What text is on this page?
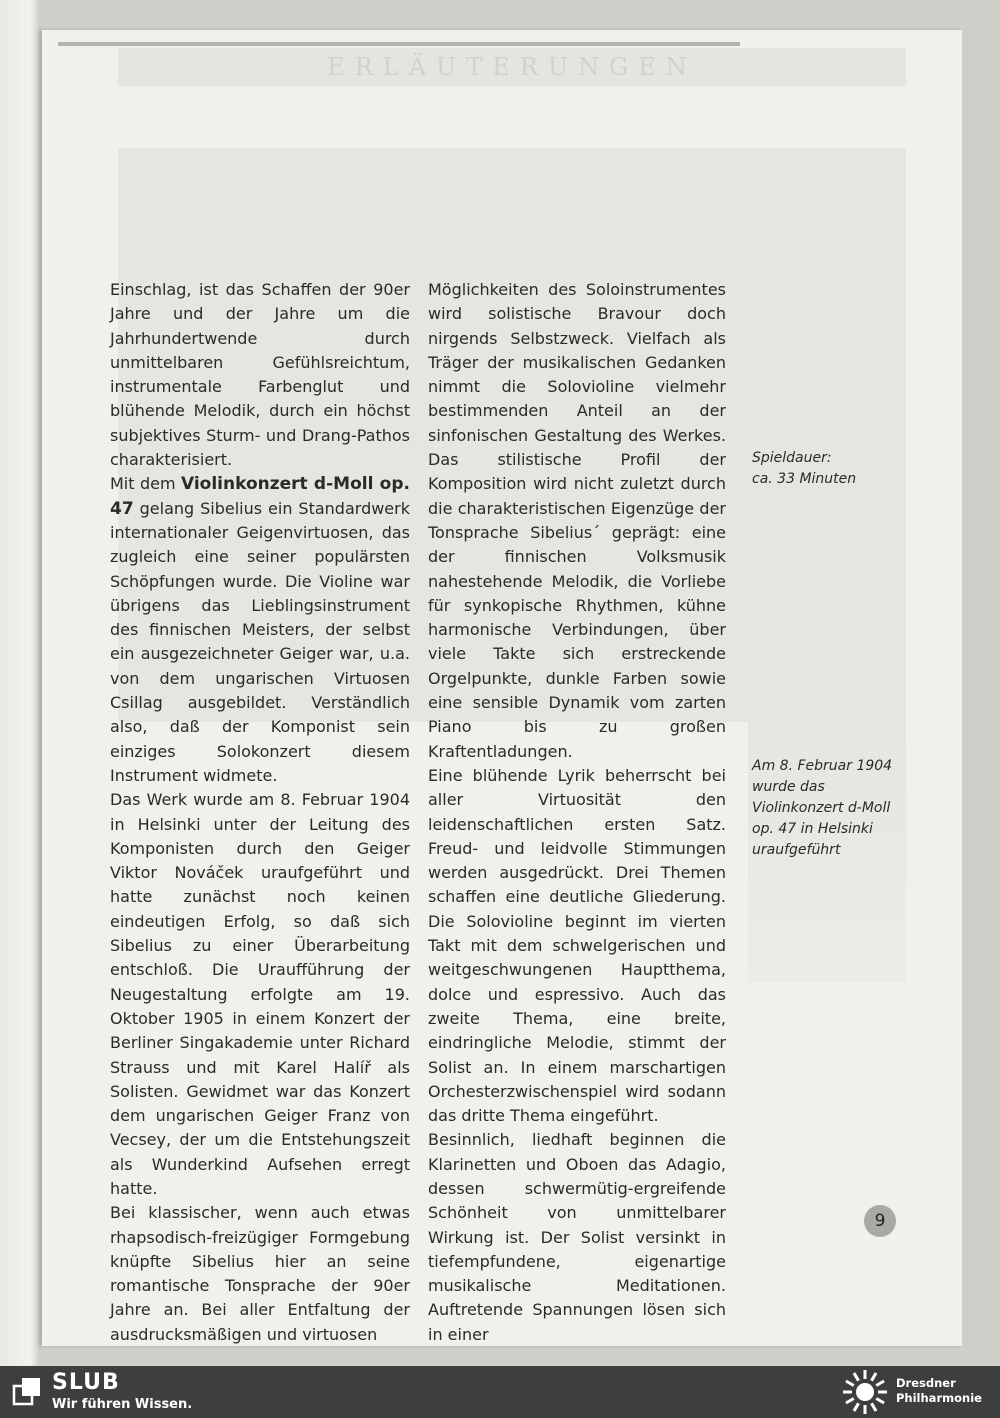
ERLÄUTERUNGEN

Einschlag, ist das Schaffen der 90er Jahre und der Jahre um die Jahrhundertwende durch unmittelbaren Gefühlsreichtum, instrumentale Farbenglut und blühende Melodik, durch ein höchst subjektives Sturm- und Drang-Pathos charakterisiert.

Mit dem Violinkonzert d-Moll op. 47 gelang Sibelius ein Standardwerk internationaler Geigenvirtuosen, das zugleich eine seiner populärsten Schöpfungen wurde. Die Violine war übrigens das Lieblingsinstrument des finnischen Meisters, der selbst ein ausgezeichneter Geiger war, u.a. von dem ungarischen Virtuosen Csillag ausgebildet. Verständlich also, daß der Komponist sein einziges Solokonzert diesem Instrument widmete.

Das Werk wurde am 8. Februar 1904 in Helsinki unter der Leitung des Komponisten durch den Geiger Viktor Nováček uraufgeführt und hatte zunächst noch keinen eindeutigen Erfolg, so daß sich Sibelius zu einer Überarbeitung entschloß. Die Uraufführung der Neugestaltung erfolgte am 19. Oktober 1905 in einem Konzert der Berliner Singakademie unter Richard Strauss und mit Karel Halíř als Solisten. Gewidmet war das Konzert dem ungarischen Geiger Franz von Vecsey, der um die Entstehungszeit als Wunderkind Aufsehen erregt hatte.

Bei klassischer, wenn auch etwas rhapsodisch-freizügiger Formgebung knüpfte Sibelius hier an seine romantische Tonsprache der 90er Jahre an. Bei aller Entfaltung der ausdrucksmäßigen und virtuosen

Möglichkeiten des Soloinstrumentes wird solistische Bravour doch nirgends Selbstzweck. Vielfach als Träger der musikalischen Gedanken nimmt die Solovioline vielmehr bestimmenden Anteil an der sinfonischen Gestaltung des Werkes. Das stilistische Profil der Komposition wird nicht zuletzt durch die charakteristischen Eigenzüge der Tonsprache Sibelius´ geprägt: eine der finnischen Volksmusik nahestehende Melodik, die Vorliebe für synkopische Rhythmen, kühne harmonische Verbindungen, über viele Takte sich erstreckende Orgelpunkte, dunkle Farben sowie eine sensible Dynamik vom zarten Piano bis zu großen Kraftentladungen.

Eine blühende Lyrik beherrscht bei aller Virtuosität den leidenschaftlichen ersten Satz. Freud- und leidvolle Stimmungen werden ausgedrückt. Drei Themen schaffen eine deutliche Gliederung. Die Solovioline beginnt im vierten Takt mit dem schwelgerischen und weitgeschwungenen Hauptthema, dolce und espressivo. Auch das zweite Thema, eine breite, eindringliche Melodie, stimmt der Solist an. In einem marschartigen Orchesterzwischenspiel wird sodann das dritte Thema eingeführt.

Besinnlich, liedhaft beginnen die Klarinetten und Oboen das Adagio, dessen schwermütig-ergreifende Schönheit von unmittelbarer Wirkung ist. Der Solist versinkt in tiefempfundene, eigenartige musikalische Meditationen. Auftretende Spannungen lösen sich in einer

Spieldauer:
ca. 33 Minuten
Am 8. Februar 1904 wurde das Violinkonzert d-Moll op. 47 in Helsinki uraufgeführt
9
SLUB
Wir führen Wissen.
Dresdner
Philharmonie
